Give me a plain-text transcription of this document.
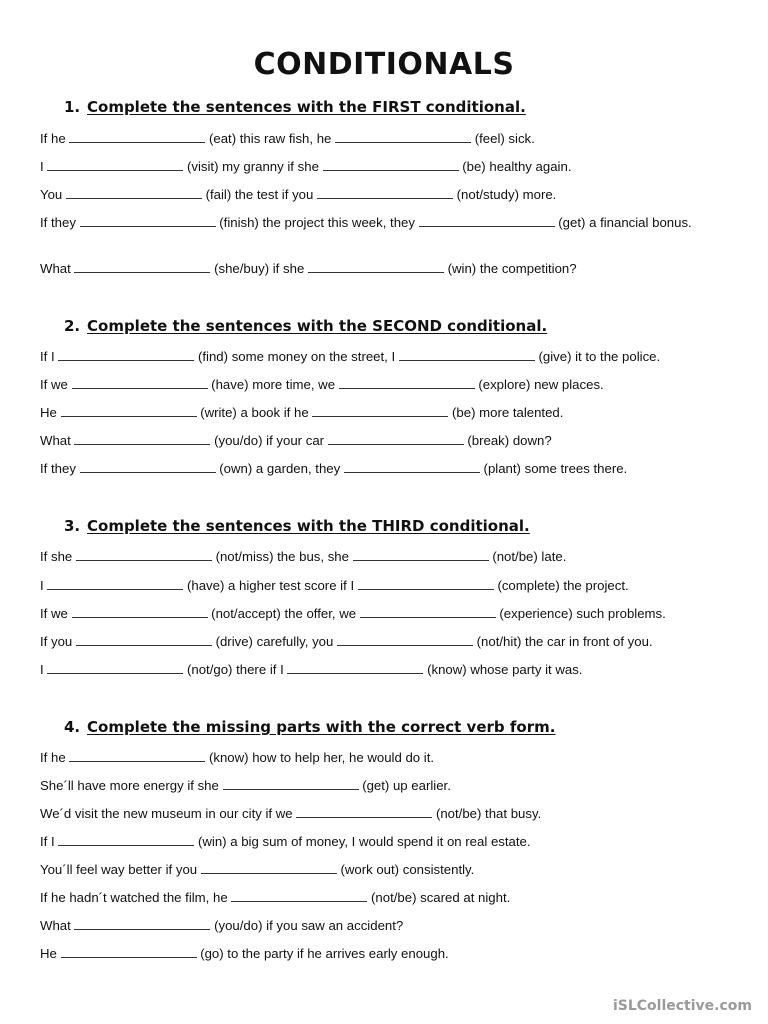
CONDITIONALS
1. Complete the sentences with the FIRST conditional.

If he	(eat) this raw fish, he	(feel) sick.

I	(visit) my granny if she	(be) healthy again.

You	(fail) the test if you	(not/study) more.

If they	(finish) the project this week, they	(get) a financial bonus.

What	(she/buy) if she	(win) the competition?

2. Complete the sentences with the SECOND conditional.

If I	(find) some money on the street, I	(give) it to the police.

If we	(have) more time, we	(explore) new places.

He	(write) a book if he	(be) more talented.

What	(you/do) if your car	(break) down?

If they	(own) a garden, they	(plant) some trees there.

3. Complete the sentences with the THIRD conditional.

If she	(not/miss) the bus, she	(not/be) late.

I	(have) a higher test score if I	(complete) the project.

If we	(not/accept) the offer, we	(experience) such problems.

If you	(drive) carefully, you	(not/hit) the car in front of you.

I	(not/go) there if I	(know) whose party it was.

4. Complete the missing parts with the correct verb form.

If he	(know) how to help her, he would do it.

She´ll have more energy if she	(get) up earlier.

We´d visit the new museum in our city if we	(not/be) that busy.

If I	(win) a big sum of money, I would spend it on real estate.

You´ll feel way better if you	(work out) consistently.

If he hadn´t watched the film, he	(not/be) scared at night.

What	(you/do) if you saw an accident?

He	(go) to the party if he arrives early enough.

iSLCollective.com
